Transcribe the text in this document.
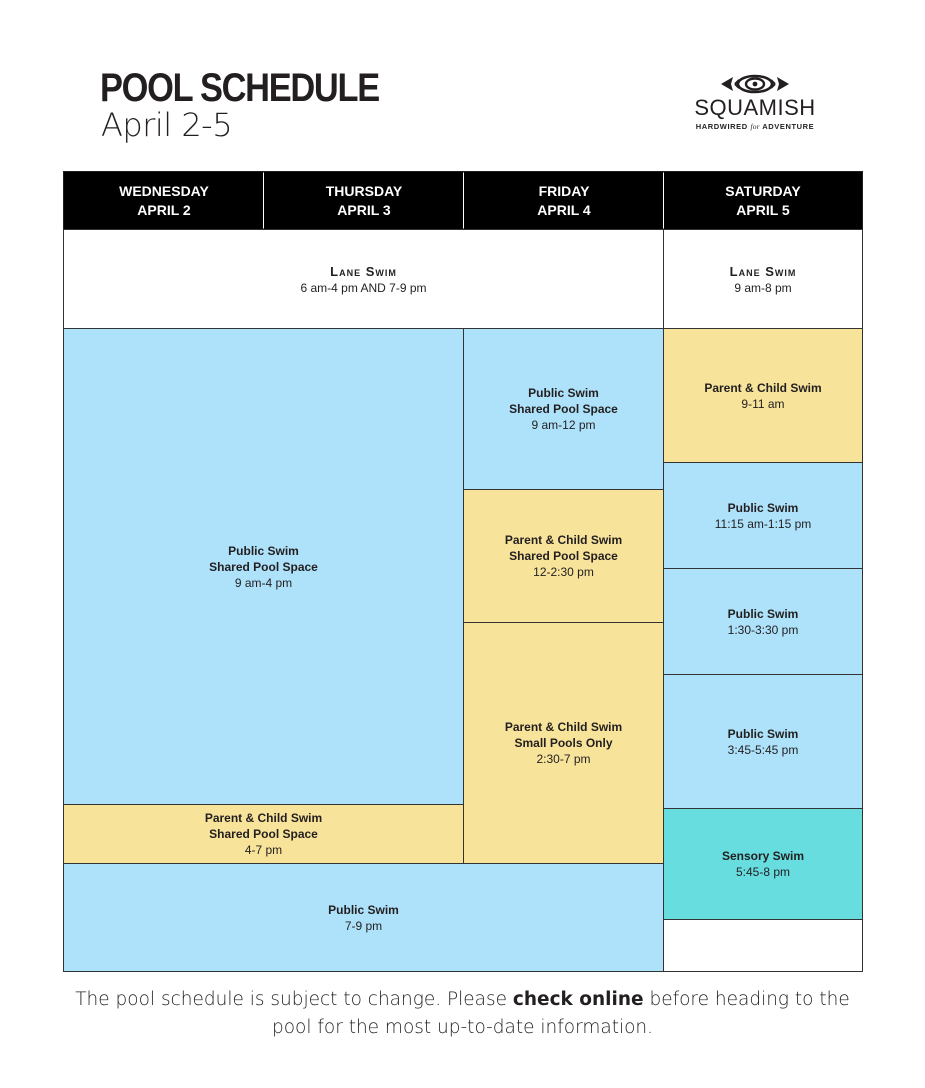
POOL SCHEDULE
April 2-5	SQUAMISH
HARDWIRED for ADVENTURE
WEDNESDAY
APRIL 2
THURSDAY
APRIL 3
FRIDAY
APRIL 4
SATURDAY
APRIL 5
Lane Swim
6 am-4 pm AND 7-9 pm
Lane Swim
9 am-8 pm
Public Swim
Shared Pool Space
9 am-4 pm
Parent & Child Swim
Shared Pool Space
4-7 pm
Public Swim
7-9 pm
Public Swim
Shared Pool Space
9 am-12 pm
Parent & Child Swim
Shared Pool Space
12-2:30 pm
Parent & Child Swim
Small Pools Only
2:30-7 pm
Parent & Child Swim
9-11 am
Public Swim
11:15 am-1:15 pm
Public Swim
1:30-3:30 pm
Public Swim
3:45-5:45 pm
Sensory Swim
5:45-8 pm
The pool schedule is subject to change. Please check online before heading to the pool for the most up-to-date information.
